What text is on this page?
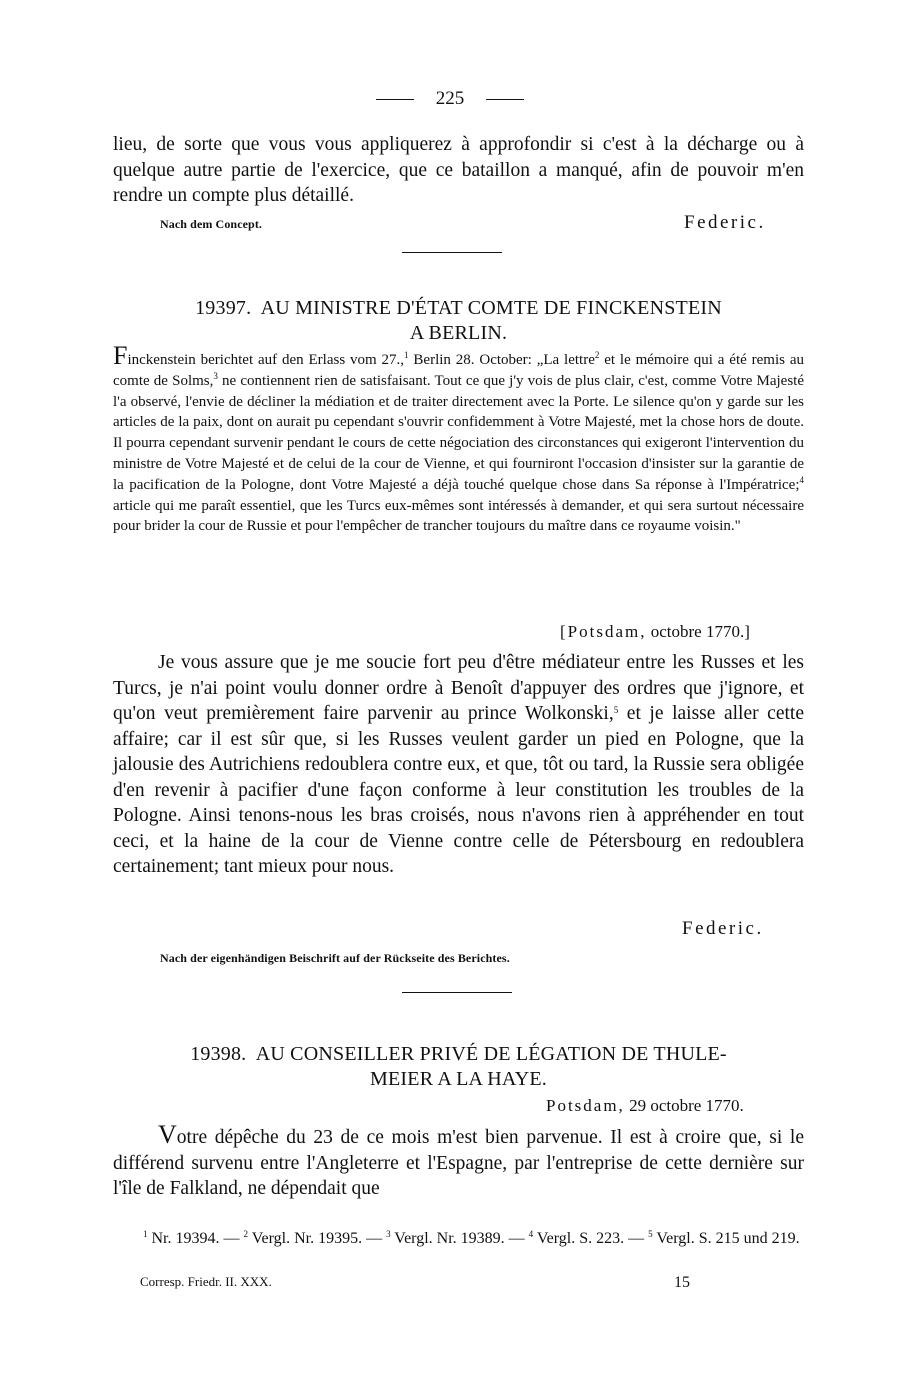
225
lieu, de sorte que vous vous appliquerez à approfondir si c'est à la décharge ou à quelque autre partie de l'exercice, que ce bataillon a manqué, afin de pouvoir m'en rendre un compte plus détaillé.
Nach dem Concept.	Federic.
19397. AU MINISTRE D'ÉTAT COMTE DE FINCKENSTEIN
A BERLIN.
Finckenstein berichtet auf den Erlass vom 27.,$^1$ Berlin 28. October: „La lettre$^2$ et le mémoire qui a été remis au comte de Solms,$^3$ ne contiennent rien de satisfaisant. Tout ce que j'y vois de plus clair, c'est, comme Votre Majesté l'a observé, l'envie de décliner la médiation et de traiter directement avec la Porte. Le silence qu'on y garde sur les articles de la paix, dont on aurait pu cependant s'ouvrir confidemment à Votre Majesté, met la chose hors de doute. Il pourra cependant survenir pendant le cours de cette négociation des circonstances qui exigeront l'intervention du ministre de Votre Majesté et de celui de la cour de Vienne, et qui fourniront l'occasion d'insister sur la garantie de la pacification de la Pologne, dont Votre Majesté a déjà touché quelque chose dans Sa réponse à l'Impératrice;$^4$ article qui me paraît essentiel, que les Turcs eux-mêmes sont intéressés à demander, et qui sera surtout nécessaire pour brider la cour de Russie et pour l'empêcher de trancher toujours du maître dans ce royaume voisin."
[Potsdam, octobre 1770.]
Je vous assure que je me soucie fort peu d'être médiateur entre les Russes et les Turcs, je n'ai point voulu donner ordre à Benoît d'appuyer des ordres que j'ignore, et qu'on veut premièrement faire parvenir au prince Wolkonski,$^5$ et je laisse aller cette affaire; car il est sûr que, si les Russes veulent garder un pied en Pologne, que la jalousie des Autrichiens redoublera contre eux, et que, tôt ou tard, la Russie sera obligée d'en revenir à pacifier d'une façon conforme à leur constitution les troubles de la Pologne. Ainsi tenons-nous les bras croisés, nous n'avons rien à appréhender en tout ceci, et la haine de la cour de Vienne contre celle de Pétersbourg en redoublera certainement; tant mieux pour nous.
Federic.
Nach der eigenhändigen Beischrift auf der Rückseite des Berichtes.
19398. AU CONSEILLER PRIVÉ DE LÉGATION DE THULE-
MEIER A LA HAYE.
Potsdam, 29 octobre 1770.
Votre dépêche du 23 de ce mois m'est bien parvenue. Il est à croire que, si le différend survenu entre l'Angleterre et l'Espagne, par l'entreprise de cette dernière sur l'île de Falkland, ne dépendait que
$^1$ Nr. 19394. — $^2$ Vergl. Nr. 19395. — $^3$ Vergl. Nr. 19389. — $^4$ Vergl. S. 223. — $^5$ Vergl. S. 215 und 219.
Corresp. Friedr. II. XXX.	15
